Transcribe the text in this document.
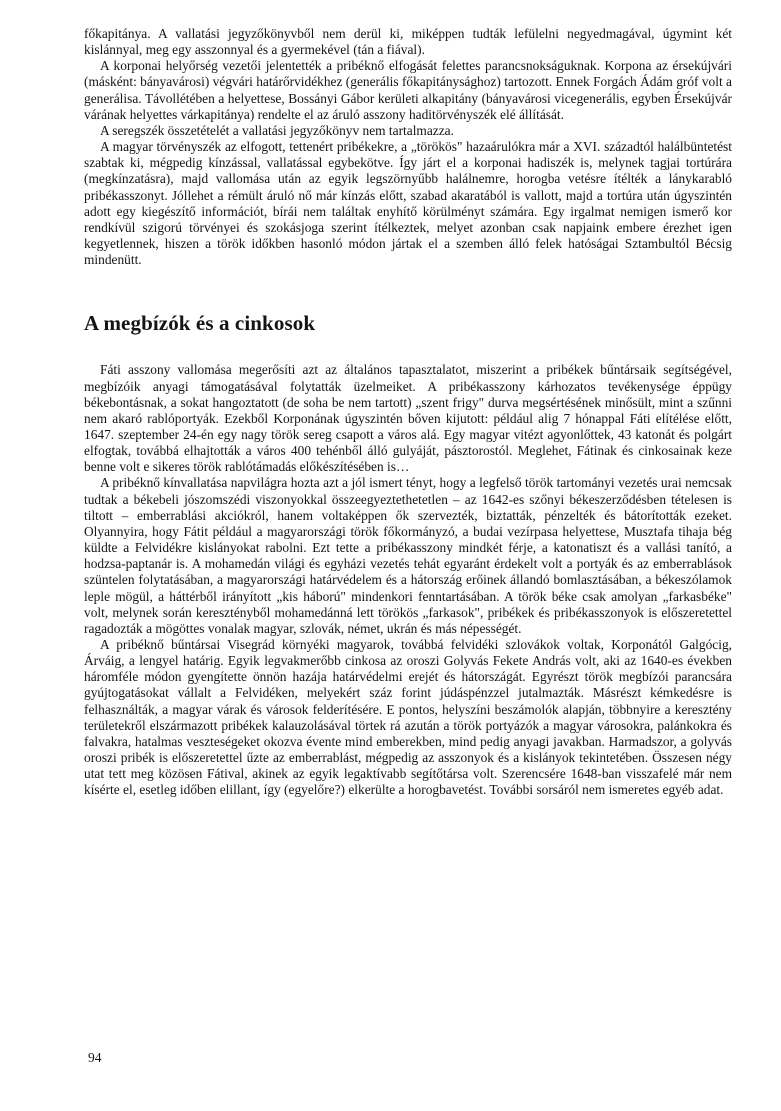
főkapitánya. A vallatási jegyzőkönyvből nem derül ki, miképpen tudták lefülelni negyedmagával, úgymint két kislánnyal, meg egy asszonnyal és a gyermekével (tán a fiával).

A korponai helyőrség vezetői jelentették a pribéknő elfogását felettes parancsnokságuknak. Korpona az érsekújvári (másként: bányavárosi) végvári határőrvidékhez (generális főkapitánysághoz) tartozott. Ennek Forgách Ádám gróf volt a generálisa. Távollétében a helyettese, Bossányi Gábor kerületi alkapitány (bányavárosi vicegenerális, egyben Érsekújvár várának helyettes várkapitánya) rendelte el az áruló asszony haditörvényszék elé állítását.

A seregszék összetételét a vallatási jegyzőkönyv nem tartalmazza.

A magyar törvényszék az elfogott, tettenért pribékekre, a „törökös" hazaárulókra már a XVI. századtól halálbüntetést szabtak ki, mégpedig kínzással, vallatással egybekötve. Így járt el a korponai hadiszék is, melynek tagjai tortúrára (megkínzatásra), majd vallomása után az egyik legszörnyűbb halálnemre, horogba vetésre ítélték a lánykarabló pribékasszonyt. Jóllehet a rémült áruló nő már kínzás előtt, szabad akaratából is vallott, majd a tortúra után úgyszintén adott egy kiegészítő információt, bírái nem találtak enyhítő körülményt számára. Egy irgalmat nemigen ismerő kor rendkívül szigorú törvényei és szokásjoga szerint ítélkeztek, melyet azonban csak napjaink embere érezhet igen kegyetlennek, hiszen a török időkben hasonló módon jártak el a szemben álló felek hatóságai Sztambultól Bécsig mindenütt.

A megbízók és a cinkosok

Fáti asszony vallomása megerősíti azt az általános tapasztalatot, miszerint a pribékek bűntársaik segítségével, megbízóik anyagi támogatásával folytatták üzelmeiket. A pribékasszony kárhozatos tevékenysége éppügy békebontásnak, a sokat hangoztatott (de soha be nem tartott) „szent frigy" durva megsértésének minősült, mint a szűnni nem akaró rablóportyák. Ezekből Korponának úgyszintén bőven kijutott: például alig 7 hónappal Fáti elítélése előtt, 1647. szeptember 24-én egy nagy török sereg csapott a város alá. Egy magyar vitézt agyonlőttek, 43 katonát és polgárt elfogtak, továbbá elhajtották a város 400 tehénből álló gulyáját, pásztorostól. Meglehet, Fátinak és cinkosainak keze benne volt e sikeres török rablótámadás előkészítésében is…

A pribéknő kínvallatása napvilágra hozta azt a jól ismert tényt, hogy a legfelső török tartományi vezetés urai nemcsak tudtak a békebeli jószomszédi viszonyokkal összeegyeztethetetlen – az 1642-es szőnyi békeszerződésben tételesen is tiltott – emberrablási akciókról, hanem voltaképpen ők szervezték, biztatták, pénzelték és bátorították ezeket. Olyannyira, hogy Fátit például a magyarországi török főkormányzó, a budai vezírpasa helyettese, Musztafa tihaja bég küldte a Felvidékre kislányokat rabolni. Ezt tette a pribékasszony mindkét férje, a katonatiszt és a vallási tanító, a hodzsa-paptanár is. A mohamedán világi és egyházi vezetés tehát egyaránt érdekelt volt a portyák és az emberrablások szüntelen folytatásában, a magyarországi határvédelem és a hátország erőinek állandó bomlasztásában, a békeszólamok leple mögül, a háttérből irányított „kis háború" mindenkori fenntartásában. A török béke csak amolyan „farkasbéke" volt, melynek során keresztényből mohamedánná lett törökös „farkasok", pribékek és pribékasszonyok is előszeretettel ragadozták a mögöttes vonalak magyar, szlovák, német, ukrán és más népességét.

A pribéknő bűntársai Visegrád környéki magyarok, továbbá felvidéki szlovákok voltak, Korponától Galgócig, Árváig, a lengyel határig. Egyik legvakmerőbb cinkosa az oroszi Golyvás Fekete András volt, aki az 1640-es években háromféle módon gyengítette önnön hazája határvédelmi erejét és hátországát. Egyrészt török megbízói parancsára gyújtogatásokat vállalt a Felvidéken, melyekért száz forint júdáspénzzel jutalmazták. Másrészt kémkedésre is felhasználták, a magyar várak és városok felderítésére. E pontos, helyszíni beszámolók alapján, többnyire a keresztény területekről elszármazott pribékek kalauzolásával törtek rá azután a török portyázók a magyar városokra, palánkokra és falvakra, hatalmas veszteségeket okozva évente mind emberekben, mind pedig anyagi javakban. Harmadszor, a golyvás oroszi pribék is előszeretettel űzte az emberrablást, mégpedig az asszonyok és a kislányok tekintetében. Összesen négy utat tett meg közösen Fátival, akinek az egyik legaktívabb segítőtársa volt. Szerencsére 1648-ban visszafelé már nem kísérte el, esetleg időben elillant, így (egyelőre?) elkerülte a horogbavetést. További sorsáról nem ismeretes egyéb adat.

94
